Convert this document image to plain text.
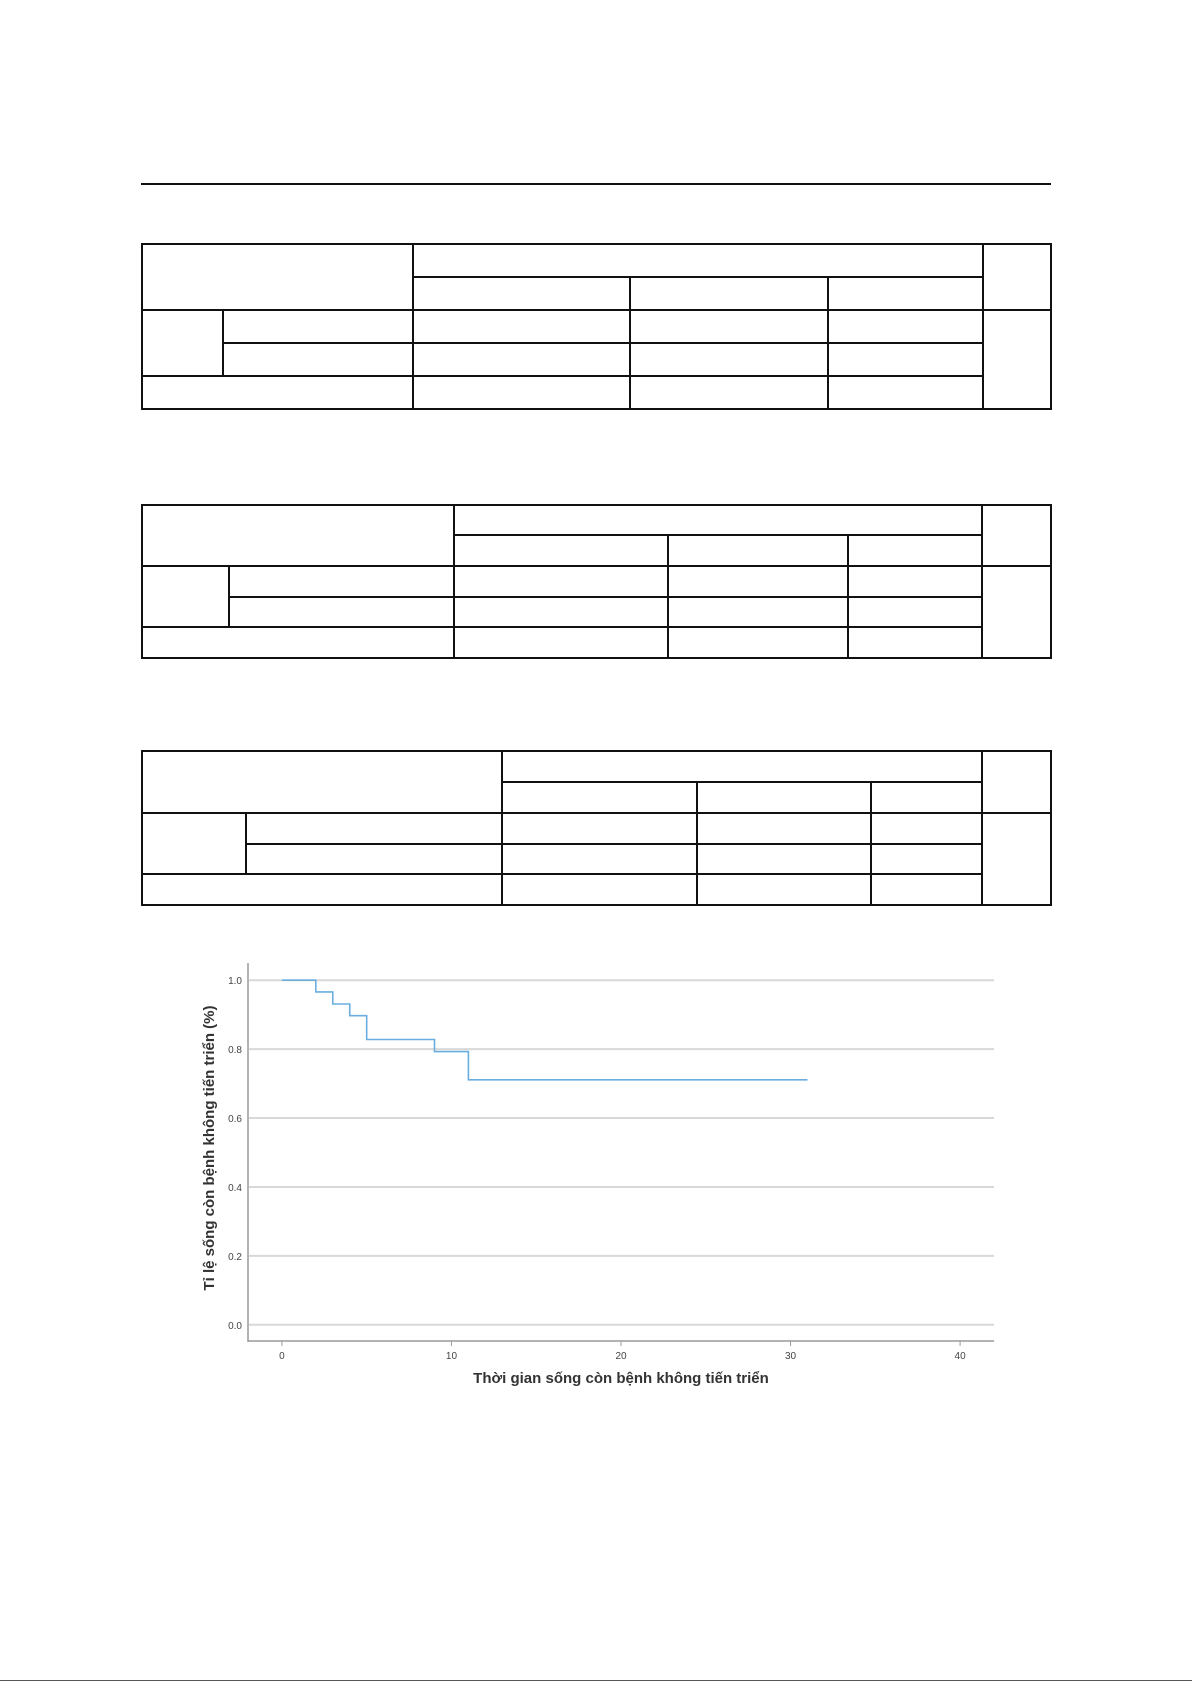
0.0
0.2
0.4
0.6
0.8
1.0
0	10	20	30	40
Thời gian sống còn bệnh không tiến triển
Tỉ lệ sống còn bệnh không tiến triển (%)
